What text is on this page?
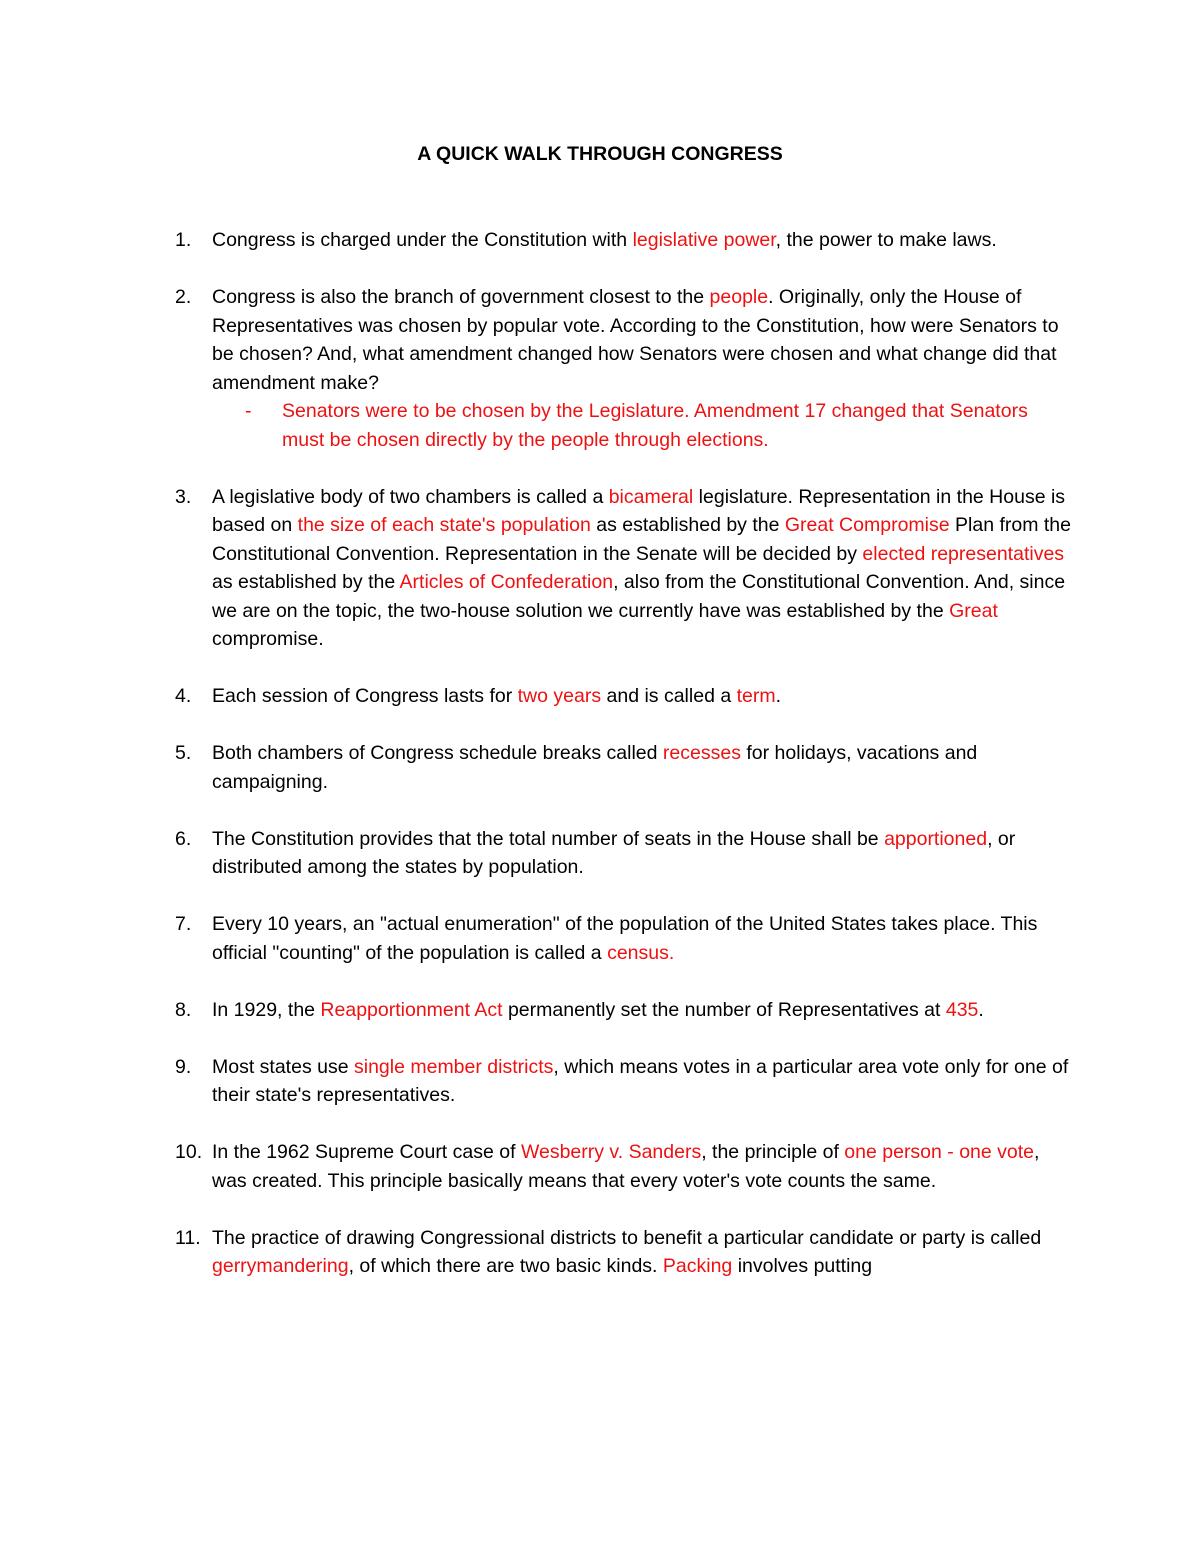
A QUICK WALK THROUGH CONGRESS
1. Congress is charged under the Constitution with legislative power, the power to make laws.
2. Congress is also the branch of government closest to the people. Originally, only the House of Representatives was chosen by popular vote. According to the Constitution, how were Senators to be chosen? And, what amendment changed how Senators were chosen and what change did that amendment make?
- Senators were to be chosen by the Legislature. Amendment 17 changed that Senators must be chosen directly by the people through elections.
3. A legislative body of two chambers is called a bicameral legislature. Representation in the House is based on the size of each state's population as established by the Great Compromise Plan from the Constitutional Convention. Representation in the Senate will be decided by elected representatives as established by the Articles of Confederation, also from the Constitutional Convention. And, since we are on the topic, the two-house solution we currently have was established by the Great compromise.
4. Each session of Congress lasts for two years and is called a term.
5. Both chambers of Congress schedule breaks called recesses for holidays, vacations and campaigning.
6. The Constitution provides that the total number of seats in the House shall be apportioned, or distributed among the states by population.
7. Every 10 years, an "actual enumeration" of the population of the United States takes place. This official "counting" of the population is called a census.
8. In 1929, the Reapportionment Act permanently set the number of Representatives at 435.
9. Most states use single member districts, which means votes in a particular area vote only for one of their state's representatives.
10. In the 1962 Supreme Court case of Wesberry v. Sanders, the principle of one person - one vote, was created. This principle basically means that every voter's vote counts the same.
11. The practice of drawing Congressional districts to benefit a particular candidate or party is called gerrymandering, of which there are two basic kinds. Packing involves putting
